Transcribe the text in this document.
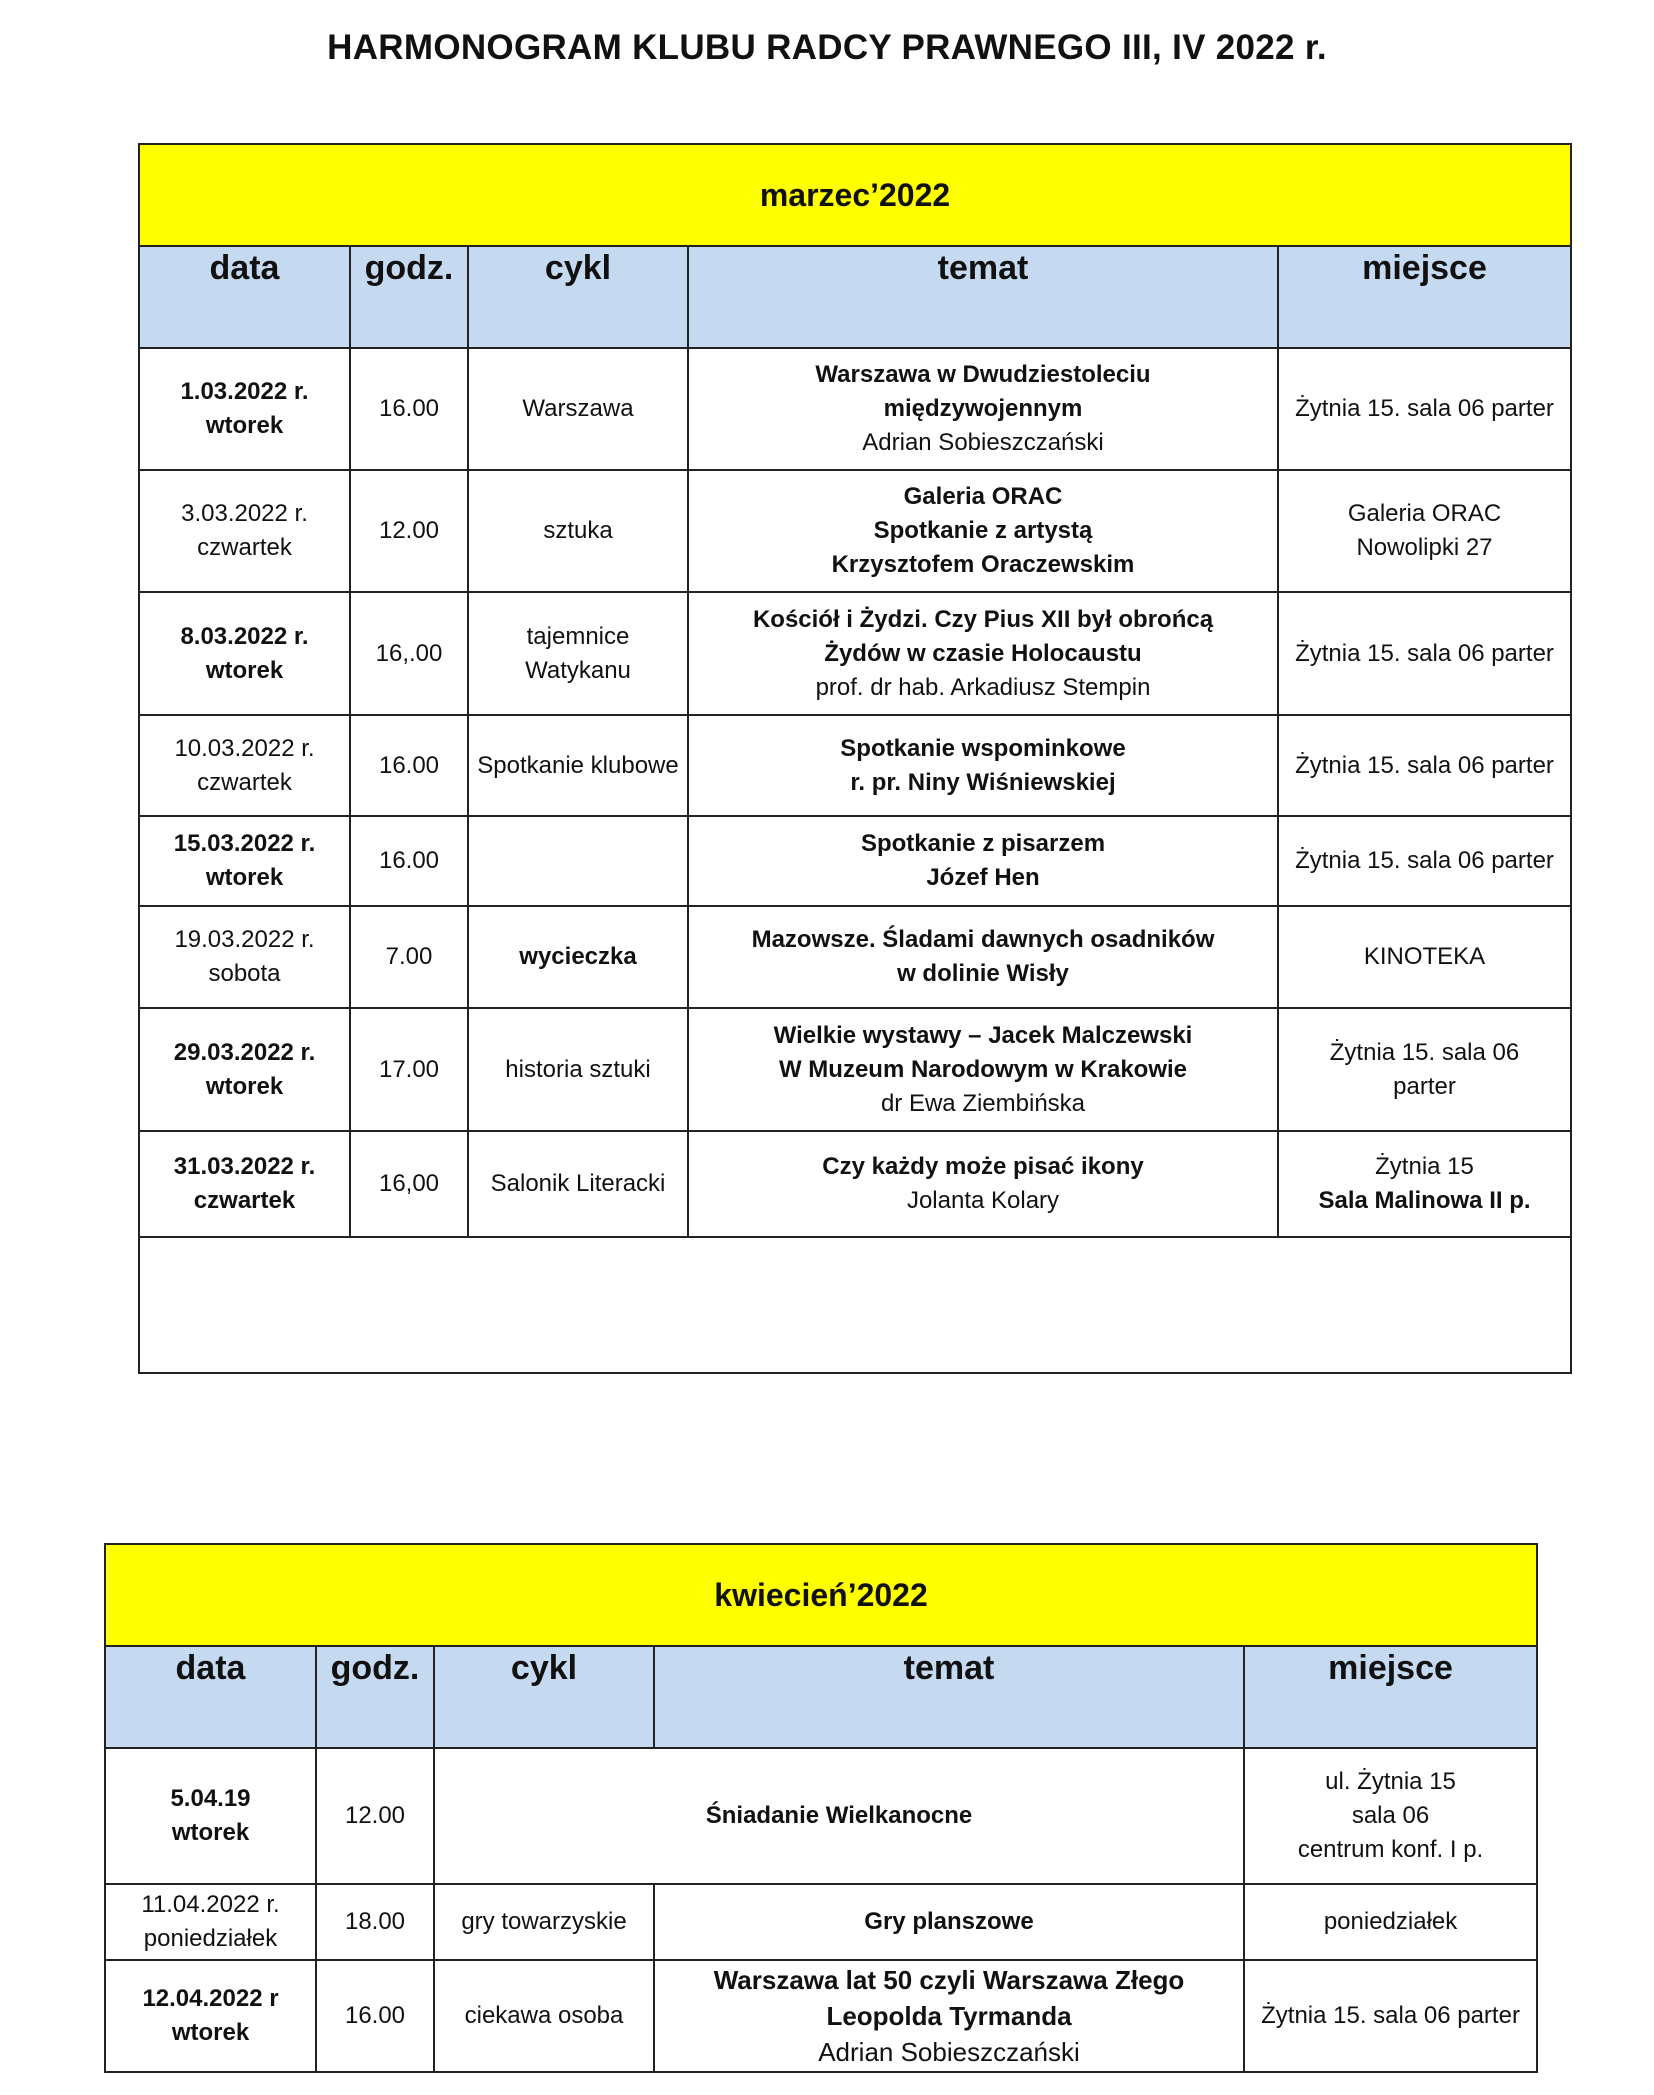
HARMONOGRAM KLUBU RADCY PRAWNEGO III, IV 2022 r.
marzec’2022				
data	godz.	cykl	temat	miejsce

1.03.2022 r.
wtorek	16.00	Warszawa	Warszawa w Dwudziestoleciu
międzywojennym
Adrian Sobieszczański	Żytnia 15. sala 06 parter

3.03.2022 r.
czwartek	12.00	sztuka	Galeria ORAC
Spotkanie z artystą
Krzysztofem Oraczewskim	Galeria ORAC
Nowolipki 27

8.03.2022 r.
wtorek	16,.00	tajemnice Watykanu	Kościół i Żydzi. Czy Pius XII był obrońcą
Żydów w czasie Holocaustu
prof. dr hab. Arkadiusz Stempin	Żytnia 15. sala 06 parter

10.03.2022 r.
czwartek	16.00	Spotkanie klubowe	Spotkanie wspominkowe
r. pr. Niny Wiśniewskiej	Żytnia 15. sala 06 parter

15.03.2022 r.
wtorek	16.00		Spotkanie z pisarzem
Józef Hen	Żytnia 15. sala 06 parter

19.03.2022 r.
sobota	7.00	wycieczka	Mazowsze. Śladami dawnych osadników
w dolinie Wisły	KINOTEKA

29.03.2022 r.
wtorek	17.00	historia sztuki	Wielkie wystawy – Jacek Malczewski
W Muzeum Narodowym w Krakowie
dr Ewa Ziembińska	Żytnia 15. sala 06
parter

31.03.2022 r.
czwartek	16,00	Salonik Literacki	Czy każdy może pisać ikony
Jolanta Kolary	Żytnia 15
Sala Malinowa II p.

kwiecień’2022				
data	godz.	cykl	temat	miejsce

5.04.19
wtorek	12.00	Śniadanie Wielkanocne		ul. Żytnia 15
sala 06
centrum konf. I p.

11.04.2022 r.
poniedziałek	18.00	gry towarzyskie	Gry planszowe	poniedziałek

12.04.2022 r
wtorek	16.00	ciekawa osoba	Warszawa lat 50 czyli Warszawa Złego
Leopolda Tyrmanda
Adrian Sobieszczański	Żytnia 15. sala 06 parter
